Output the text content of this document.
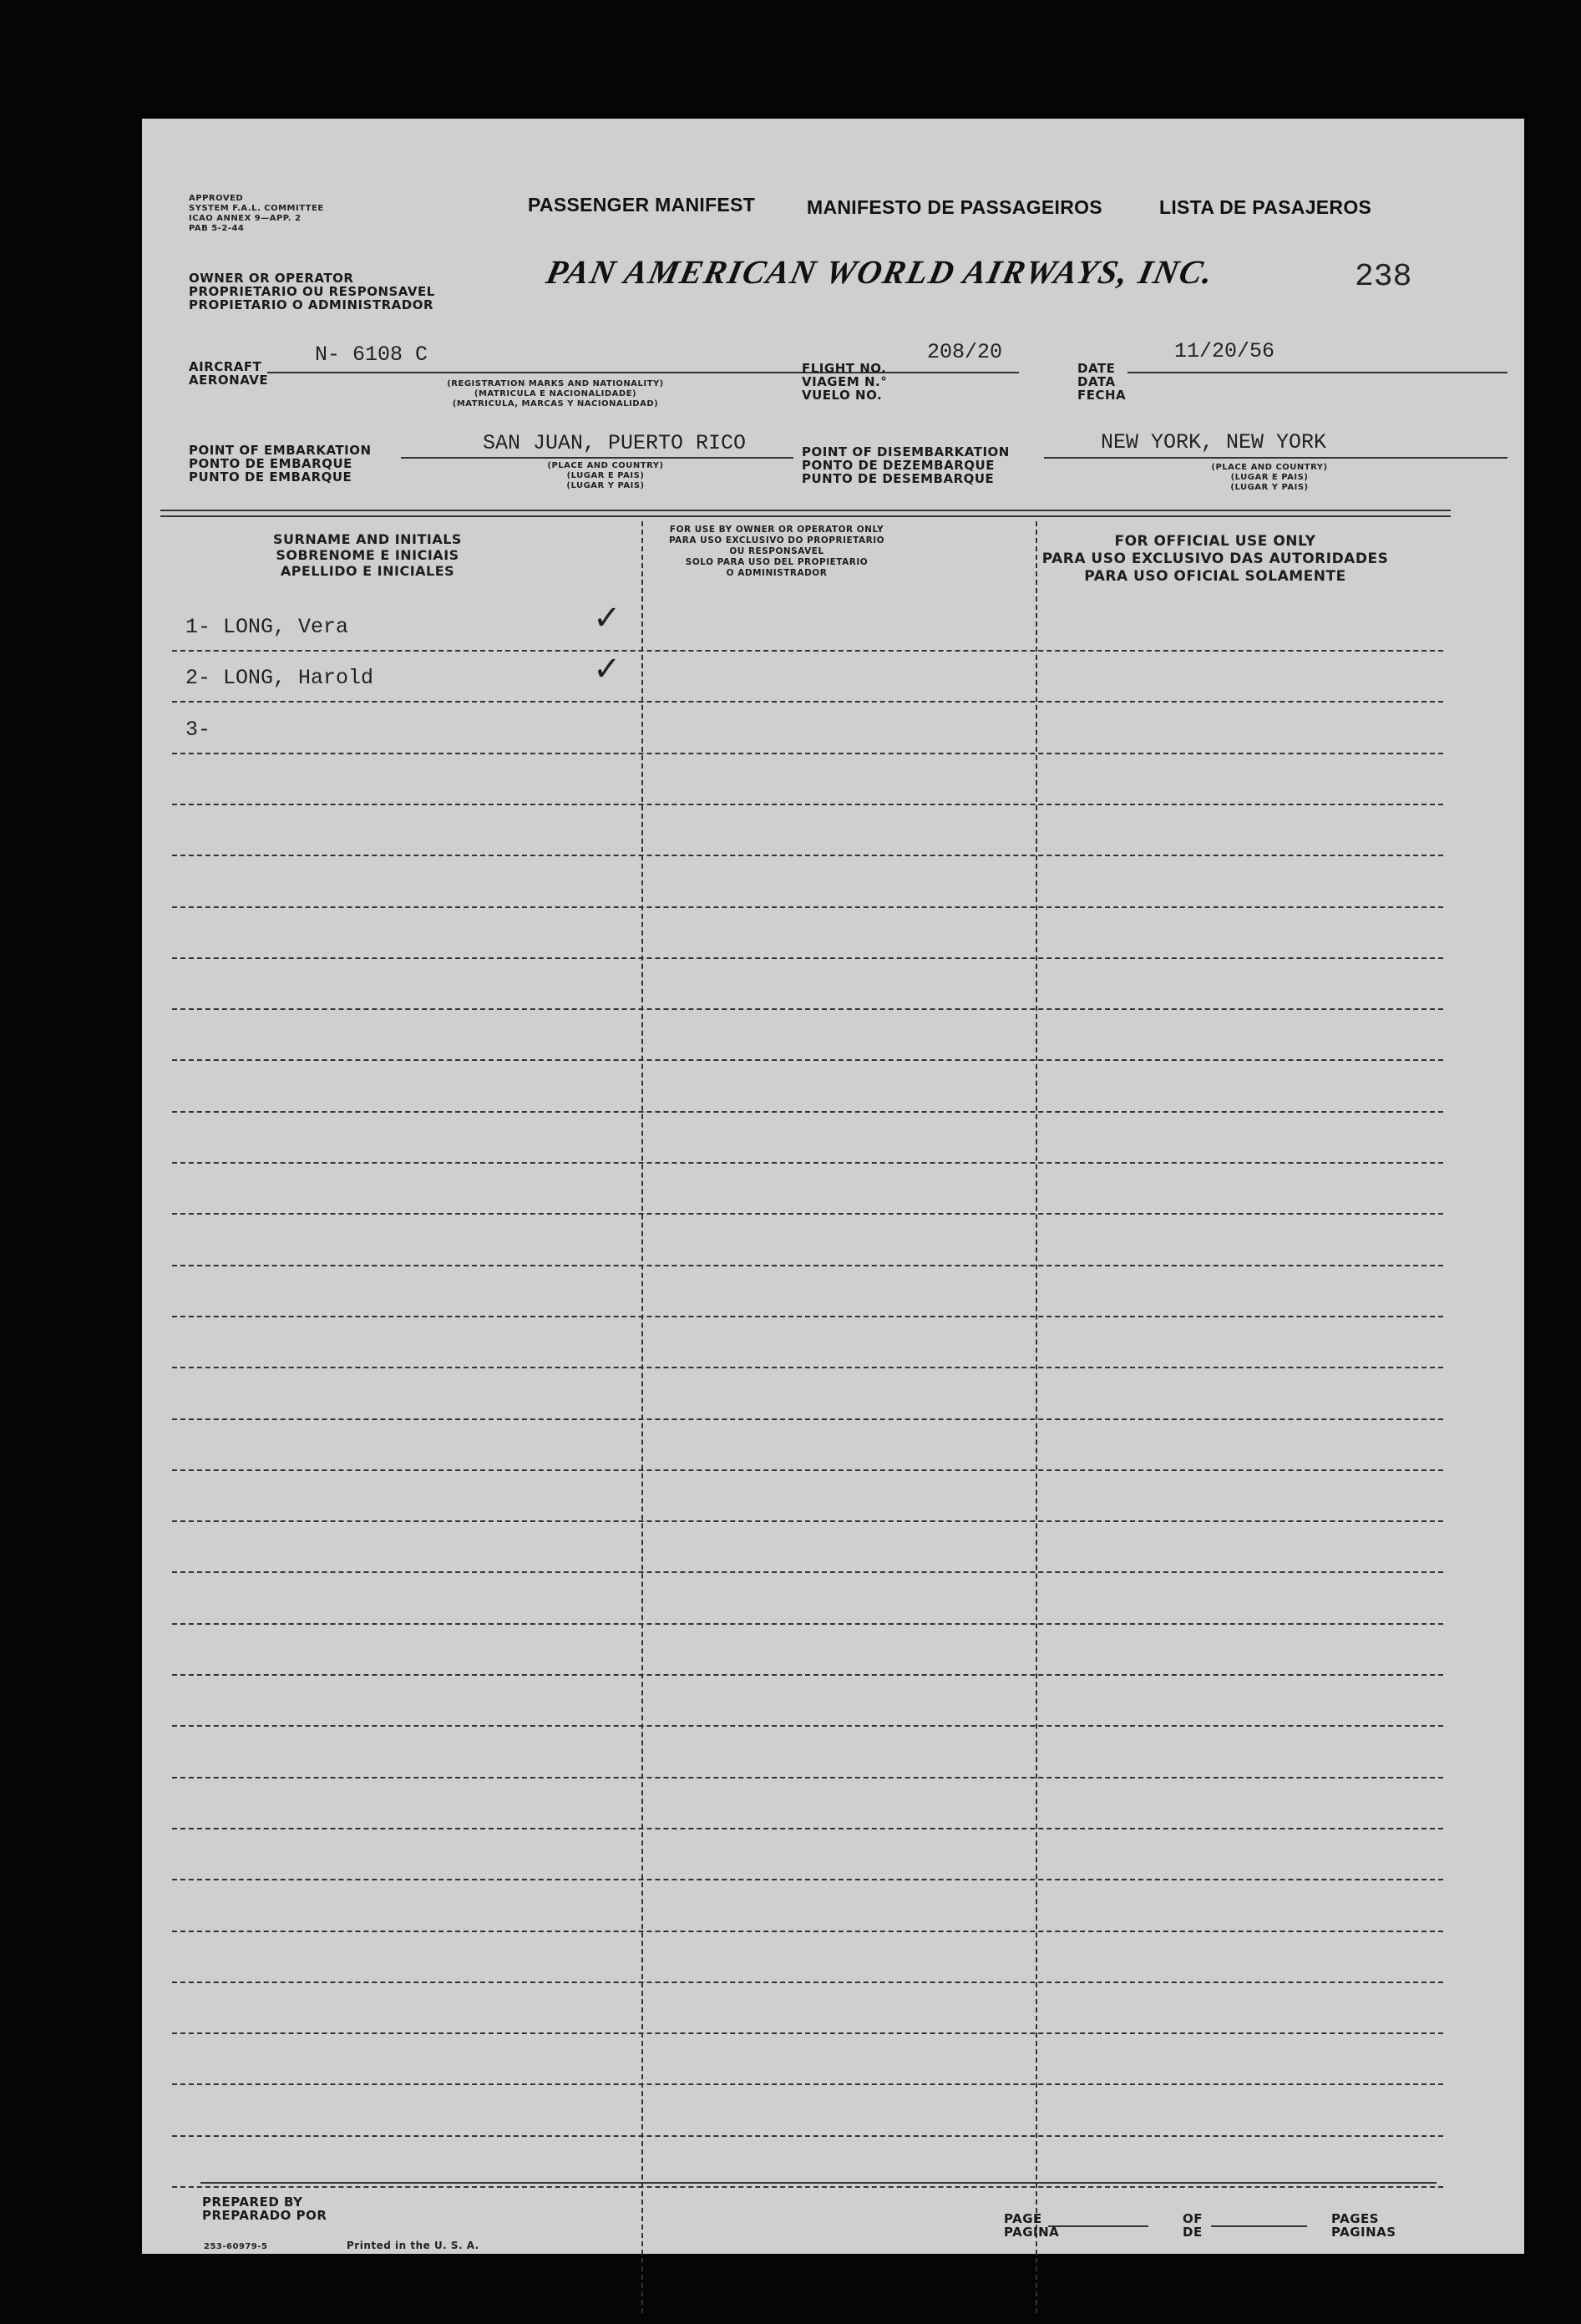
APPROVED
SYSTEM F.A.L. COMMITTEE
ICAO ANNEX 9—APP. 2
PAB 5-2-44
PASSENGER MANIFEST	MANIFESTO DE PASSAGEIROS	LISTA DE PASAJEROS
OWNER OR OPERATOR
PROPRIETARIO OU RESPONSAVEL
PROPIETARIO O ADMINISTRADOR
PAN AMERICAN WORLD AIRWAYS, INC.	238
AIRCRAFT
AERONAVE
N- 6108 C
(REGISTRATION MARKS AND NATIONALITY)
(MATRICULA E NACIONALIDADE)
(MATRICULA, MARCAS Y NACIONALIDAD)
FLIGHT NO.
VIAGEM N.°
VUELO NO.
208/20
DATE
DATA
FECHA
11/20/56
POINT OF EMBARKATION
PONTO DE EMBARQUE
PUNTO DE EMBARQUE
SAN JUAN, PUERTO RICO
(PLACE AND COUNTRY)
(LUGAR E PAIS)
(LUGAR Y PAIS)
POINT OF DISEMBARKATION
PONTO DE DEZEMBARQUE
PUNTO DE DESEMBARQUE
NEW YORK, NEW YORK
(PLACE AND COUNTRY)
(LUGAR E PAIS)
(LUGAR Y PAIS)
SURNAME AND INITIALS
SOBRENOME E INICIAIS
APELLIDO E INICIALES
FOR USE BY OWNER OR OPERATOR ONLY
PARA USO EXCLUSIVO DO PROPRIETARIO
OU RESPONSAVEL
SOLO PARA USO DEL PROPIETARIO
O ADMINISTRADOR
FOR OFFICIAL USE ONLY
PARA USO EXCLUSIVO DAS AUTORIDADES
PARA USO OFICIAL SOLAMENTE
1- LONG, Vera	✓
2- LONG, Harold	✓
3-
PREPARED BY
PREPARADO POR
253-60979-5	Printed in the U. S. A.
PAGE
PAGINA
OF
DE
PAGES
PAGINAS
